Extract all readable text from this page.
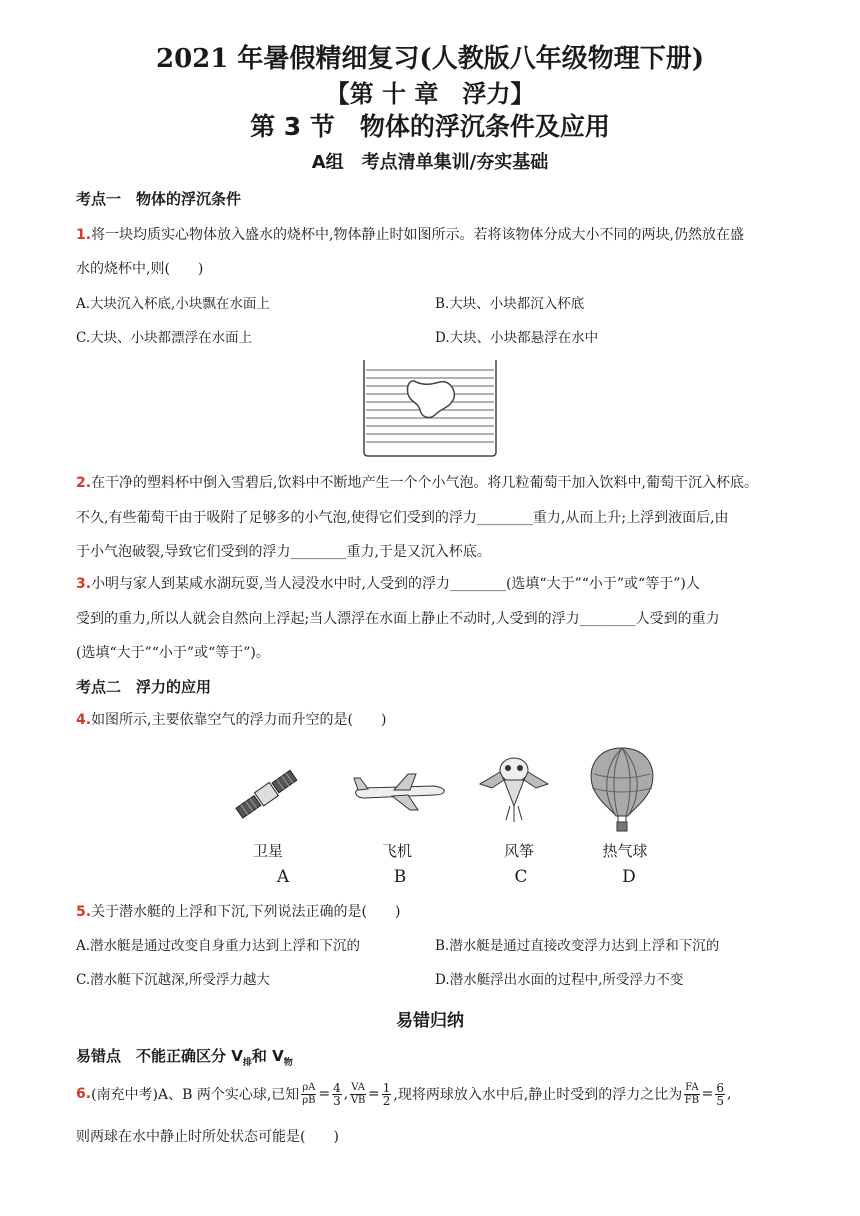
2021 年暑假精细复习(人教版八年级物理下册)
【第 十 章　浮力】
第 3 节　物体的浮沉条件及应用
A组　考点清单集训/夯实基础
考点一　物体的浮沉条件
1.将一块均质实心物体放入盛水的烧杯中,物体静止时如图所示。若将该物体分成大小不同的两块,仍然放在盛
水的烧杯中,则(　　)
A.大块沉入杯底,小块飘在水面上	B.大块、小块都沉入杯底
C.大块、小块都漂浮在水面上	D.大块、小块都悬浮在水中
2.在干净的塑料杯中倒入雪碧后,饮料中不断地产生一个个小气泡。将几粒葡萄干加入饮料中,葡萄干沉入杯底。
不久,有些葡萄干由于吸附了足够多的小气泡,使得它们受到的浮力________重力,从而上升;上浮到液面后,由
于小气泡破裂,导致它们受到的浮力________重力,于是又沉入杯底。
3.小明与家人到某咸水湖玩耍,当人浸没水中时,人受到的浮力________(选填“大于”“小于”或“等于”)人
受到的重力,所以人就会自然向上浮起;当人漂浮在水面上静止不动时,人受到的浮力________人受到的重力
(选填“大于”“小于”或“等于”)。
考点二　浮力的应用
4.如图所示,主要依靠空气的浮力而升空的是(　　)
卫星	飞机	风筝	热气球
A	B	C	D
5.关于潜水艇的上浮和下沉,下列说法正确的是(　　)
A.潜水艇是通过改变自身重力达到上浮和下沉的	B.潜水艇是通过直接改变浮力达到上浮和下沉的
C.潜水艇下沉越深,所受浮力越大	D.潜水艇浮出水面的过程中,所受浮力不变
易错归纳
易错点　不能正确区分 $V_排$和 $V_物$
6. (南充中考)A、B 两个实心球,已知 $\frac{\rho A}{\rho B} = \frac{4}{3}$ , $\frac{VA}{VB} = \frac{1}{2}$ ,现将两球放入水中后,静止时受到的浮力之比为 $\frac{FA}{FB} = \frac{6}{5}$ ,
则两球在水中静止时所处状态可能是(　　)
